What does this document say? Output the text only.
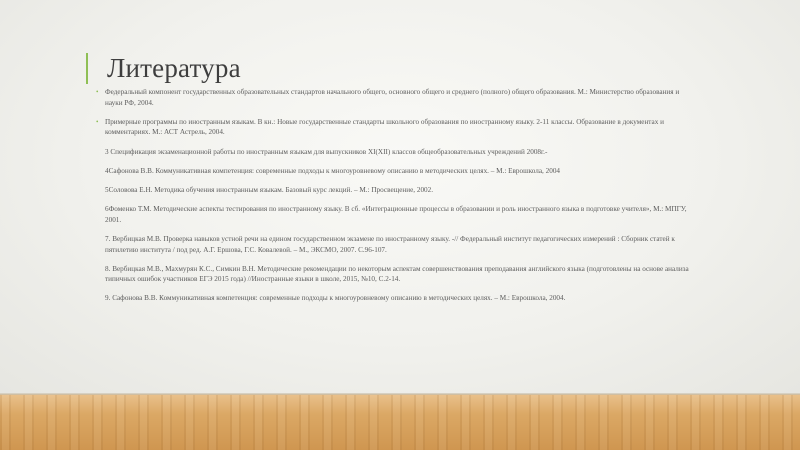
Литература
• Федеральный компонент государственных образовательных стандартов начального общего, основного общего и среднего (полного) общего образования. М.: Министерство образования и науки РФ, 2004.
• Примерные программы по иностранным языкам. В кн.: Новые государственные стандарты школьного образования по иностранному языку. 2-11 классы. Образование в документах и комментариях. М.: АСТ Астрель, 2004.
3 Спецификация экзаменационной работы по иностранным языкам для выпускников XI(XII) классов общеобразовательных учреждений 2008г.-
4Сафонова В.В. Коммуникативная компетенция: современные подходы к многоуровневому описанию в методических целях. – М.: Еврошкола, 2004
5Соловова Е.Н. Методика обучения иностранным языкам. Базовый курс лекций. – М.: Просвещение, 2002.
6Фоменко Т.М. Методические аспекты тестирования по иностранному языку. В сб. «Интеграционные процессы в образовании и роль иностранного языка в подготовке учителя», М.: МПГУ, 2001.
7. Вербицкая М.В. Проверка навыков устной речи на едином государственном экзамене по иностранному языку. -// Федеральный институт педагогических измерений : Сборник статей к пятилетию института / под ред. А.Г. Ершова, Г.С. Ковалевой. – М., ЭКСМО, 2007. С.96-107.
8. Вербицкая М.В., Махмурян К.С., Симкин В.Н. Методические рекомендации по некоторым аспектам совершенствования преподавания английского языка (подготовлены на основе анализа типичных ошибок участников ЕГЭ 2015 года) //Иностранные языки в школе, 2015, №10, С.2-14.
9. Сафонова В.В. Коммуникативная компетенция: современные подходы к многоуровневому описанию в методических целях. – М.: Еврошкола, 2004.
